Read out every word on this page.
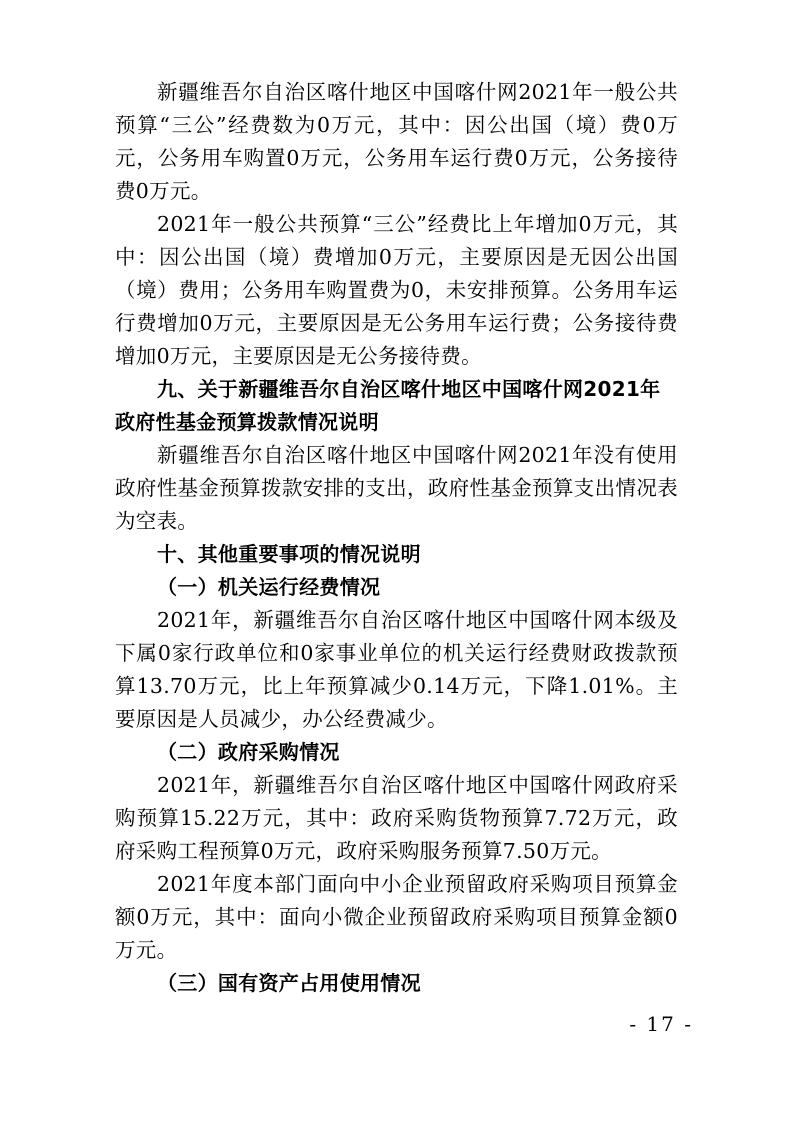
新疆维吾尔自治区喀什地区中国喀什网2021年一般公共预算“三公”经费数为0万元，其中：因公出国（境）费0万元，公务用车购置0万元，公务用车运行费0万元，公务接待费0万元。

2021年一般公共预算“三公”经费比上年增加0万元，其中：因公出国（境）费增加0万元，主要原因是无因公出国（境）费用；公务用车购置费为0，未安排预算。公务用车运行费增加0万元，主要原因是无公务用车运行费；公务接待费增加0万元，主要原因是无公务接待费。

九、关于新疆维吾尔自治区喀什地区中国喀什网2021年政府性基金预算拨款情况说明

新疆维吾尔自治区喀什地区中国喀什网2021年没有使用政府性基金预算拨款安排的支出，政府性基金预算支出情况表为空表。

十、其他重要事项的情况说明

（一）机关运行经费情况

2021年，新疆维吾尔自治区喀什地区中国喀什网本级及下属0家行政单位和0家事业单位的机关运行经费财政拨款预算13.70万元，比上年预算减少0.14万元，下降1.01%。主要原因是人员减少，办公经费减少。

（二）政府采购情况

2021年，新疆维吾尔自治区喀什地区中国喀什网政府采购预算15.22万元，其中：政府采购货物预算7.72万元，政府采购工程预算0万元，政府采购服务预算7.50万元。

2021年度本部门面向中小企业预留政府采购项目预算金额0万元，其中：面向小微企业预留政府采购项目预算金额0万元。

（三）国有资产占用使用情况

- 17 -
